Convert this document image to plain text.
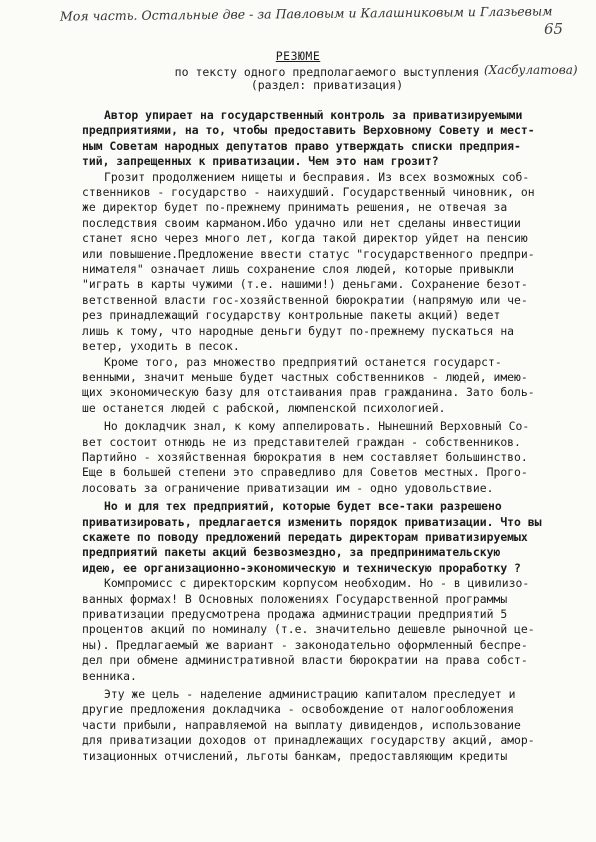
Моя часть. Остальные две - за Павловым и Калашниковым и Глазьевым
65
РЕЗЮМЕ
по тексту одного предполагаемого выступления
(раздел: приватизация)
(Хасбулатова)

Автор упирает на государственный контроль за приватизируемыми
предприятиями, на то, чтобы предоставить Верховному Совету и мест-
ным Советам народных депутатов право утверждать списки предприя-
тий, запрещенных к приватизации. Чем это нам грозит?

Грозит продолжением нищеты и бесправия. Из всех возможных соб-
ственников - государство - наихудший. Государственный чиновник, он
же директор будет по-прежнему принимать решения, не отвечая за
последствия своим карманом.Ибо удачно или нет сделаны инвестиции
станет ясно через много лет, когда такой директор уйдет на пенсию
или повышение.Предложение ввести статус "государственного предпри-
нимателя" означает лишь сохранение слоя людей, которые привыкли
"играть в карты чужими (т.е. нашими!) деньгами. Сохранение безот-
ветственной власти гос-хозяйственной бюрократии (напрямую или че-
рез принадлежащий государству контрольные пакеты акций) ведет
лишь к тому, что народные деньги будут по-прежнему пускаться на
ветер, уходить в песок.

Кроме того, раз множество предприятий останется государст-
венными, значит меньше будет частных собственников - людей, имею-
щих экономическую базу для отстаивания прав гражданина. Зато боль-
ше останется людей с рабской, люмпенской психологией.

Но докладчик знал, к кому аппелировать. Нынешний Верховный Со-
вет состоит отнюдь не из представителей граждан - собственников.
Партийно - хозяйственная бюрократия в нем составляет большинство.
Еще в большей степени это справедливо для Советов местных. Прого-
лосовать за ограничение приватизации им - одно удовольствие.

Но и для тех предприятий, которые будет все-таки разрешено
приватизировать, предлагается изменить порядок приватизации. Что вы
скажете по поводу предложений передать директорам приватизируемых
предприятий пакеты акций безвозмездно, за предпринимательскую
идею, ее организационно-экономическую и техническую проработку ?

Компромисс с директорским корпусом необходим. Но - в цивилизо-
ванных формах! В Основных положениях Государственной программы
приватизации предусмотрена продажа администрации предприятий 5
процентов акций по номиналу (т.е. значительно дешевле рыночной це-
ны). Предлагаемый же вариант - законодательно оформленный беспре-
дел при обмене административной власти бюрократии на права собст-
венника.

Эту же цель - наделение администрацию капиталом преследует и
другие предложения докладчика - освобождение от налогообложения
части прибыли, направляемой на выплату дивидендов, использование
для приватизации доходов от принадлежащих государству акций, амор-
тизационных отчислений, льготы банкам, предоставляющим кредиты
